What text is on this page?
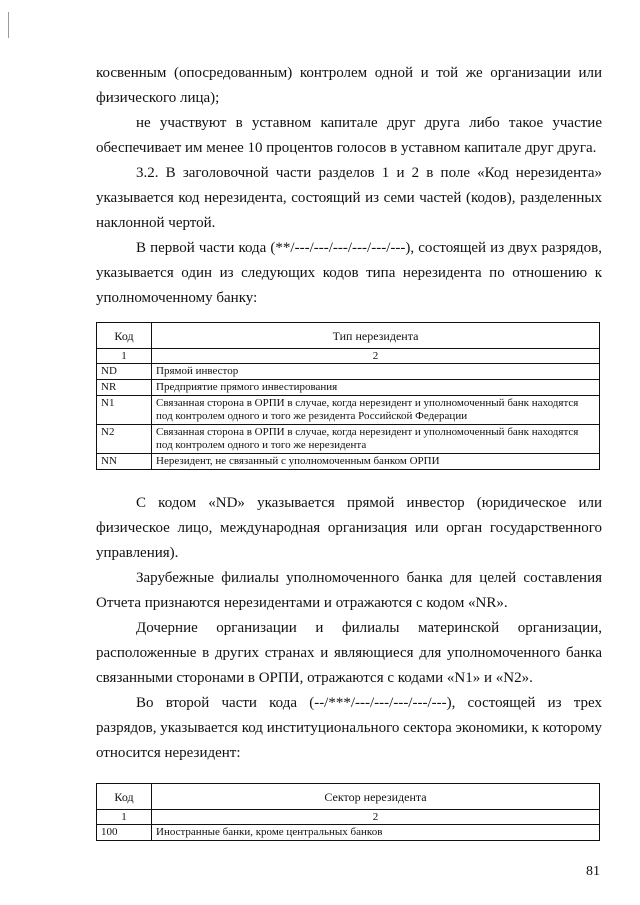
косвенным (опосредованным) контролем одной и той же организации или физического лица);

не участвуют в уставном капитале друг друга либо такое участие обеспечивает им менее 10 процентов голосов в уставном капитале друг друга.

3.2. В заголовочной части разделов 1 и 2 в поле «Код нерезидента» указывается код нерезидента, состоящий из семи частей (кодов), разделенных наклонной чертой.

В первой части кода (**/---/---/---/---/---/---), состоящей из двух разрядов, указывается один из следующих кодов типа нерезидента по отношению к уполномоченному банку:

Код	Тип нерезидента
1	2
ND	Прямой инвестор
NR	Предприятие прямого инвестирования
N1	Связанная сторона в ОРПИ в случае, когда нерезидент и уполномоченный банк находятся под контролем одного и того же резидента Российской Федерации
N2	Связанная сторона в ОРПИ в случае, когда нерезидент и уполномоченный банк находятся под контролем одного и того же нерезидента
NN	Нерезидент, не связанный с уполномоченным банком ОРПИ

С кодом «ND» указывается прямой инвестор (юридическое или физическое лицо, международная организация или орган государственного управления).

Зарубежные филиалы уполномоченного банка для целей составления Отчета признаются нерезидентами и отражаются с кодом «NR».

Дочерние организации и филиалы материнской организации, расположенные в других странах и являющиеся для уполномоченного банка связанными сторонами в ОРПИ, отражаются с кодами «N1» и «N2».

Во второй части кода (--/***/---/---/---/---/---), состоящей из трех разрядов, указывается код институционального сектора экономики, к которому относится нерезидент:

Код	Сектор нерезидента
1	2
100	Иностранные банки, кроме центральных банков
81
